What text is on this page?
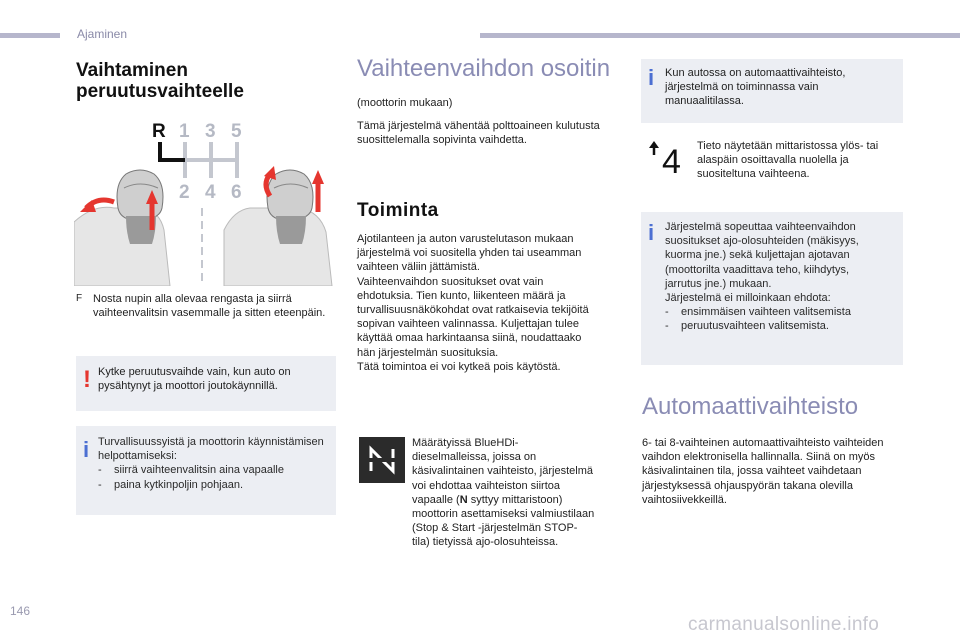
Ajaminen
Vaihtaminen
peruutusvaihteelle
R 1 3 5
2 4 6
F Nosta nupin alla olevaa rengasta ja siirrä vaihteenvalitsin vasemmalle ja sitten eteenpäin.
! Kytke peruutusvaihde vain, kun auto on pysähtynyt ja moottori joutokäynnillä.
i Turvallisuussyistä ja moottorin käynnistämisen helpottamiseksi:
-	siirrä vaihteenvalitsin aina vapaalle
-	paina kytkinpoljin pohjaan.
Vaihteenvaihdon osoitin
(moottorin mukaan)
Tämä järjestelmä vähentää polttoaineen kulutusta suosittelemalla sopivinta vaihdetta.
Toiminta
Ajotilanteen ja auton varustelutason mukaan
järjestelmä voi suositella yhden tai useamman
vaihteen väliin jättämistä.
Vaihteenvaihdon suositukset ovat vain
ehdotuksia. Tien kunto, liikenteen määrä ja
turvallisuusnäkökohdat ovat ratkaisevia tekijöitä
sopivan vaihteen valinnassa. Kuljettajan tulee
käyttää omaa harkintaansa siinä, noudattaako
hän järjestelmän suosituksia.
Tätä toimintoa ei voi kytkeä pois käytöstä.
Määrätyissä BlueHDi-
dieselmalleissa, joissa on
käsivalintainen vaihteisto, järjestelmä
voi ehdottaa vaihteiston siirtoa
vapaalle (N syttyy mittaristoon)
moottorin asettamiseksi valmiustilaan
(Stop & Start -järjestelmän STOP-
tila) tietyissä ajo-olosuhteissa.
i Kun autossa on automaattivaihteisto, järjestelmä on toiminnassa vain manuaalitilassa.
4 Tieto näytetään mittaristossa ylös- tai alaspäin osoittavalla nuolella ja suositeltuna vaihteena.
i Järjestelmä sopeuttaa vaihteenvaihdon
suositukset ajo-olosuhteiden (mäkisyys,
kuorma jne.) sekä kuljettajan ajotavan
(moottorilta vaadittava teho, kiihdytys,
jarrutus jne.) mukaan.
Järjestelmä ei milloinkaan ehdota:
-	ensimmäisen vaihteen valitsemista
-	peruutusvaihteen valitsemista.
Automaattivaihteisto
6- tai 8-vaihteinen automaattivaihteisto vaihteiden vaihdon elektronisella hallinnalla. Siinä on myös käsivalintainen tila, jossa vaihteet vaihdetaan järjestyksessä ohjauspyörän takana olevilla vaihtosiivekkeillä.
146
carmanualsonline.info
